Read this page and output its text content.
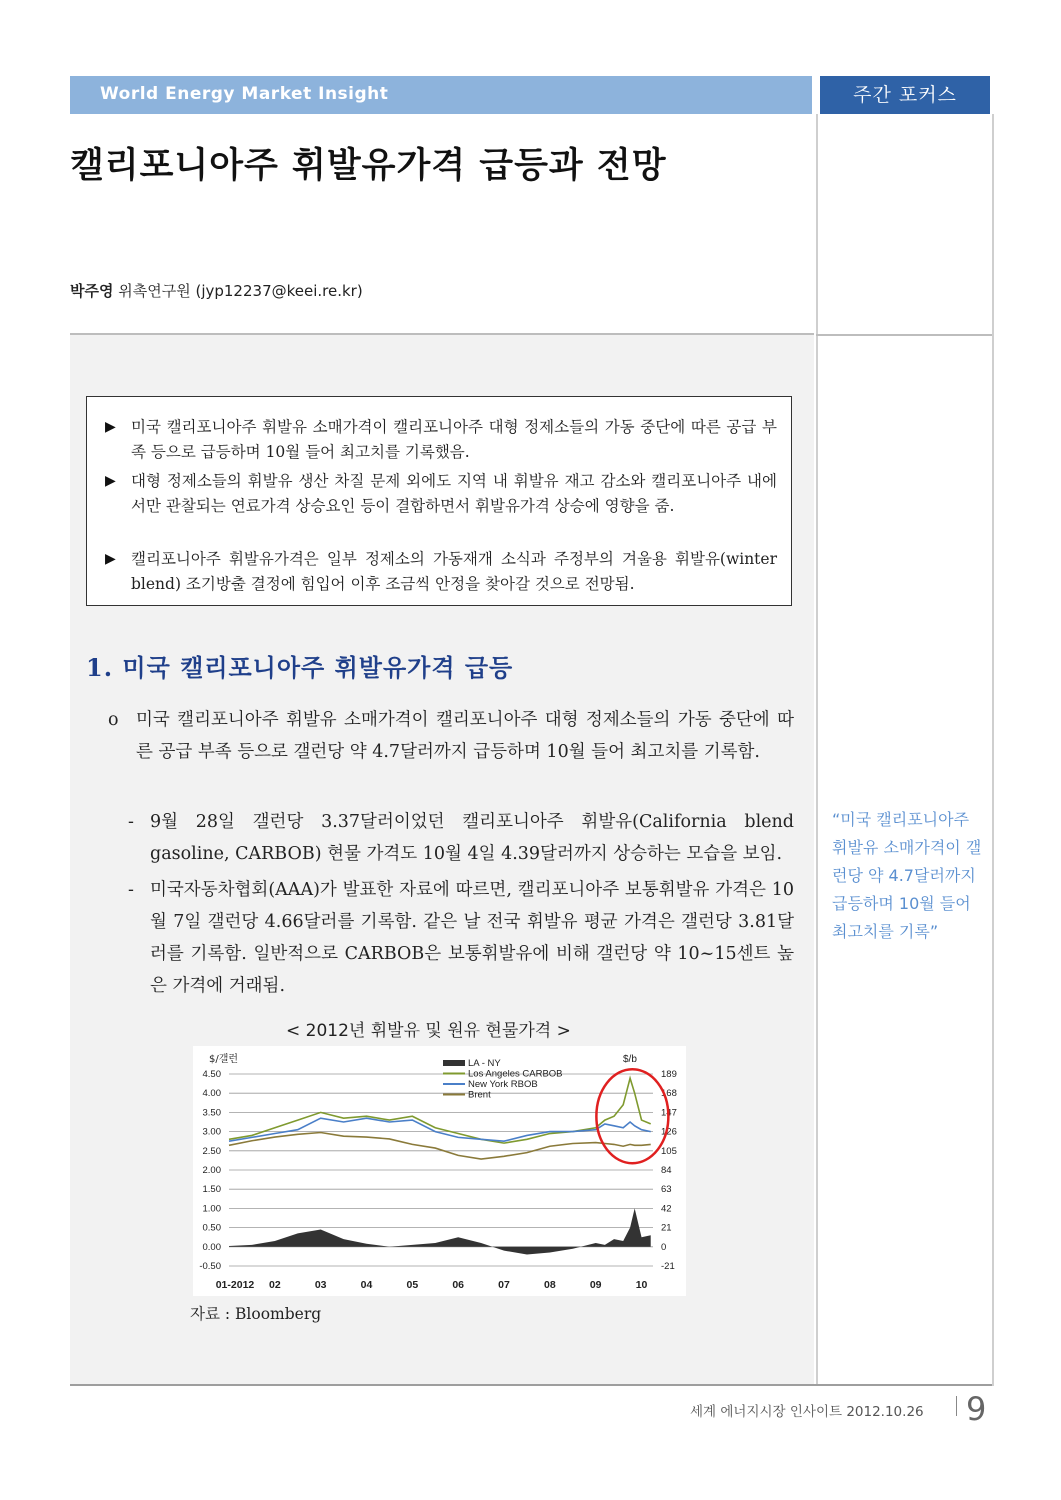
World Energy Market Insight	주간 포커스
캘리포니아주 휘발유가격 급등과 전망
박주영 위촉연구원 (jyp12237@keei.re.kr)
▶ 미국 캘리포니아주 휘발유 소매가격이 캘리포니아주 대형 정제소들의 가동 중단에 따른 공급 부족 등으로 급등하며 10월 들어 최고치를 기록했음.
▶ 대형 정제소들의 휘발유 생산 차질 문제 외에도 지역 내 휘발유 재고 감소와 캘리포니아주 내에서만 관찰되는 연료가격 상승요인 등이 결합하면서 휘발유가격 상승에 영향을 줌.
▶ 캘리포니아주 휘발유가격은 일부 정제소의 가동재개 소식과 주정부의 겨울용 휘발유(winter blend) 조기방출 결정에 힘입어 이후 조금씩 안정을 찾아갈 것으로 전망됨.
1. 미국 캘리포니아주 휘발유가격 급등
o 미국 캘리포니아주 휘발유 소매가격이 캘리포니아주 대형 정제소들의 가동 중단에 따른 공급 부족 등으로 갤런당 약 4.7달러까지 급등하며 10월 들어 최고치를 기록함.
- 9월 28일 갤런당 3.37달러이었던 캘리포니아주 휘발유(California blend gasoline, CARBOB) 현물 가격도 10월 4일 4.39달러까지 상승하는 모습을 보임.
- 미국자동차협회(AAA)가 발표한 자료에 따르면, 캘리포니아주 보통휘발유 가격은 10월 7일 갤런당 4.66달러를 기록함. 같은 날 전국 휘발유 평균 가격은 갤런당 3.81달러를 기록함. 일반적으로 CARBOB은 보통휘발유에 비해 갤런당 약 10~15센트 높은 가격에 거래됨.
< 2012년 휘발유 및 원유 현물가격 >
4.50	189
4.00	168
3.50	147
3.00	126
2.50	105
2.00	84
1.50	63
1.00	42
0.50	21
0.00	0
-0.50	-21
$/갤런	$/b
01-2012 02	03	04	05	06	07	08	09	10
LA - NY
Los Angeles CARBOB
New York RBOB
Brent
자료 : Bloomberg
“미국 캘리포니아주 휘발유 소매가격이 갤런당 약 4.7달러까지 급등하며 10월 들어 최고치를 기록”
세계 에너지시장 인사이트 2012.10.26 9
